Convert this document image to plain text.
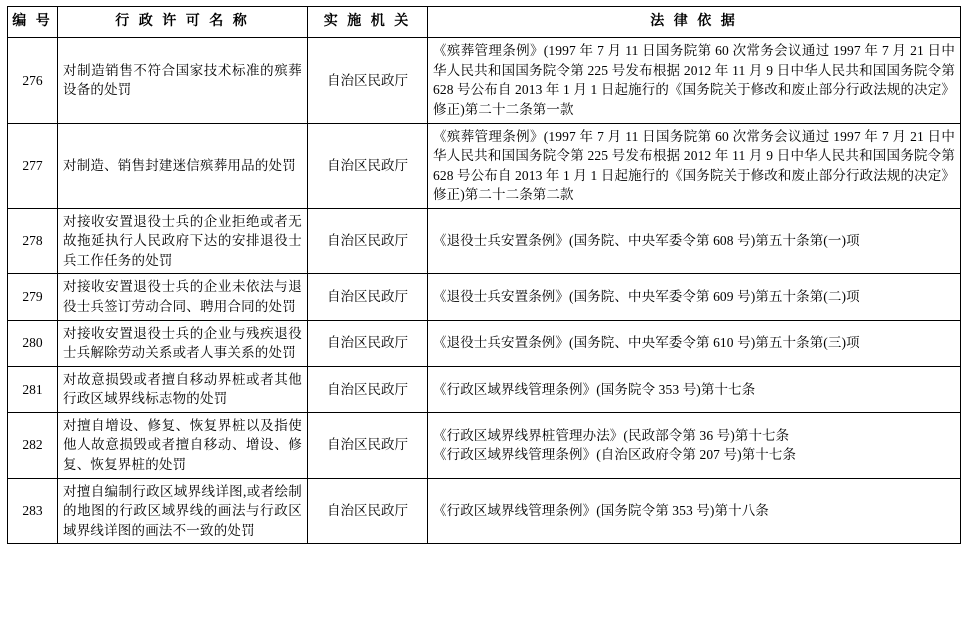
编 号	行 政 许 可 名 称	实 施 机 关	法 律 依 据
276	对制造销售不符合国家技术标准的殡葬设备的处罚	自治区民政厅	《殡葬管理条例》(1997 年 7 月 11 日国务院第 60 次常务会议通过 1997 年 7 月 21 日中华人民共和国国务院令第 225 号发布根据 2012 年 11 月 9 日中华人民共和国国务院令第 628 号公布自 2013 年 1 月 1 日起施行的《国务院关于修改和废止部分行政法规的决定》修正)第二十二条第一款
277	对制造、销售封建迷信殡葬用品的处罚	自治区民政厅	《殡葬管理条例》(1997 年 7 月 11 日国务院第 60 次常务会议通过 1997 年 7 月 21 日中华人民共和国国务院令第 225 号发布根据 2012 年 11 月 9 日中华人民共和国国务院令第 628 号公布自 2013 年 1 月 1 日起施行的《国务院关于修改和废止部分行政法规的决定》修正)第二十二条第二款
278	对接收安置退役士兵的企业拒绝或者无故拖延执行人民政府下达的安排退役士兵工作任务的处罚	自治区民政厅	《退役士兵安置条例》(国务院、中央军委令第 608 号)第五十条第(一)项
279	对接收安置退役士兵的企业未依法与退役士兵签订劳动合同、聘用合同的处罚	自治区民政厅	《退役士兵安置条例》(国务院、中央军委令第 609 号)第五十条第(二)项
280	对接收安置退役士兵的企业与残疾退役士兵解除劳动关系或者人事关系的处罚	自治区民政厅	《退役士兵安置条例》(国务院、中央军委令第 610 号)第五十条第(三)项
281	对故意损毁或者擅自移动界桩或者其他行政区域界线标志物的处罚	自治区民政厅	《行政区域界线管理条例》(国务院令 353 号)第十七条
282	对擅自增设、修复、恢复界桩以及指使他人故意损毁或者擅自移动、增设、修复、恢复界桩的处罚	自治区民政厅	《行政区域界线界桩管理办法》(民政部令第 36 号)第十七条
《行政区域界线管理条例》(自治区政府令第 207 号)第十七条

283	对擅自编制行政区域界线详图,或者绘制的地图的行政区域界线的画法与行政区域界线详图的画法不一致的处罚	自治区民政厅	《行政区域界线管理条例》(国务院令第 353 号)第十八条
